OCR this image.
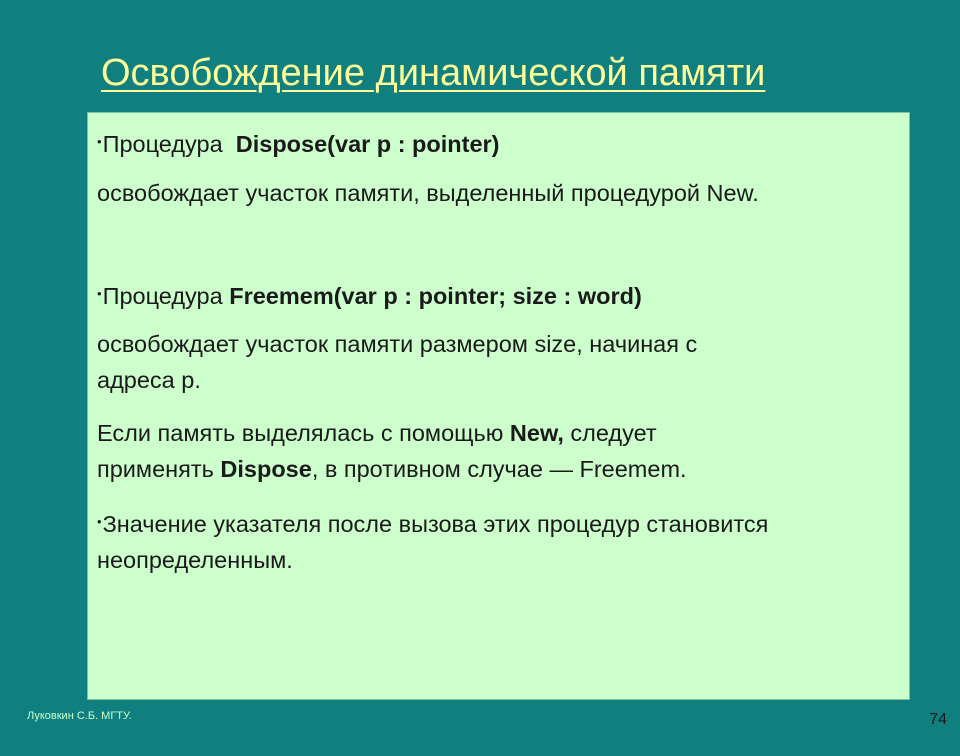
Освобождение динамической памяти

•Процедура  Dispose(var p : pointer)

освобождает участок памяти, выделенный процедурой New.

•Процедура Freemem(var p : pointer; size : word)

освобождает участок памяти размером size, начиная с
адреса р.

Если память выделялась с помощью New, следует
применять Dispose, в противном случае — Freemem.

•Значение указателя после вызова этих процедур становится
неопределенным.

Луковкин С.Б. МГТУ.	74
